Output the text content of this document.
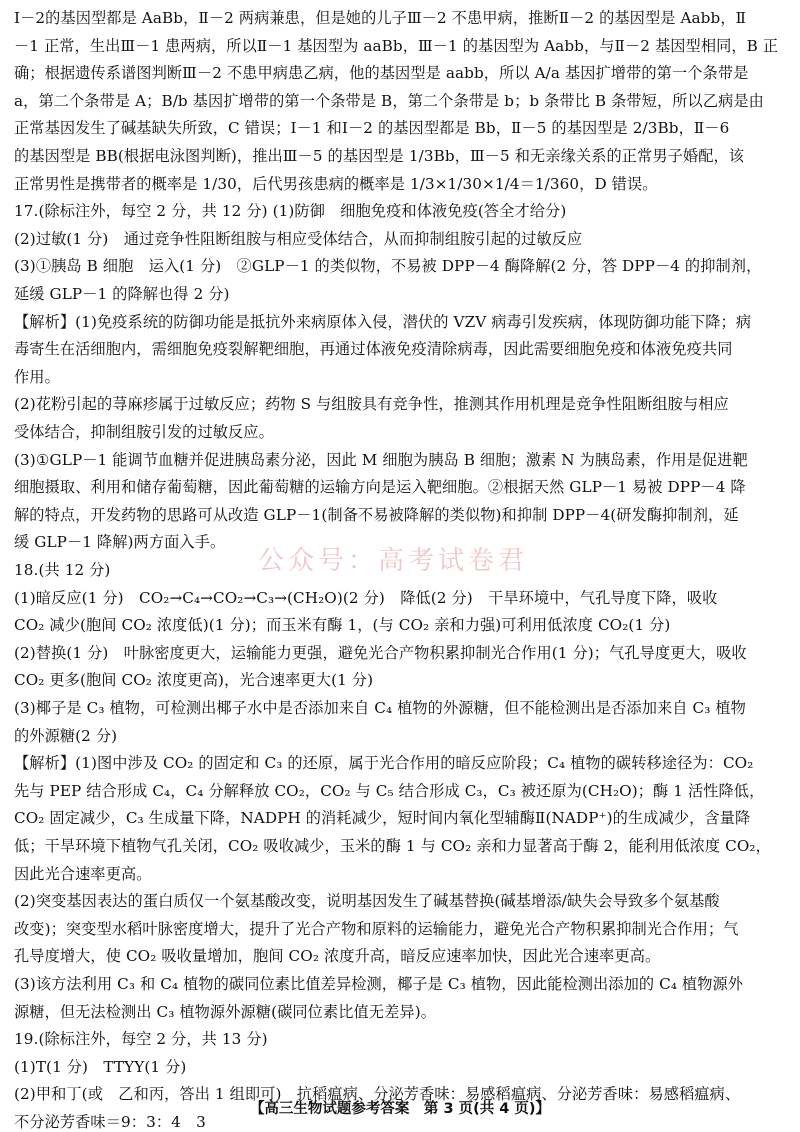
Ⅰ－2的基因型都是 AaBb，Ⅱ－2 两病兼患，但是她的儿子Ⅲ－2 不患甲病，推断Ⅱ－2 的基因型是 Aabb，Ⅱ
－1 正常，生出Ⅲ－1 患两病，所以Ⅱ－1 基因型为 aaBb，Ⅲ－1 的基因型为 Aabb，与Ⅱ－2 基因型相同，B 正
确；根据遗传系谱图判断Ⅲ－2 不患甲病患乙病，他的基因型是 aabb，所以 A/a 基因扩增带的第一个条带是
a，第二个条带是 A；B/b 基因扩增带的第一个条带是 B，第二个条带是 b；b 条带比 B 条带短，所以乙病是由
正常基因发生了碱基缺失所致，C 错误；Ⅰ－1 和Ⅰ－2 的基因型都是 Bb，Ⅱ－5 的基因型是 2/3Bb，Ⅱ－6
的基因型是 BB(根据电泳图判断)，推出Ⅲ－5 的基因型是 1/3Bb，Ⅲ－5 和无亲缘关系的正常男子婚配，该
正常男性是携带者的概率是 1/30，后代男孩患病的概率是 1/3×1/30×1/4＝1/360，D 错误。
17.(除标注外，每空 2 分，共 12 分) (1)防御　细胞免疫和体液免疫(答全才给分)
(2)过敏(1 分)　通过竞争性阻断组胺与相应受体结合，从而抑制组胺引起的过敏反应
(3)①胰岛 B 细胞　运入(1 分)　②GLP－1 的类似物，不易被 DPP－4 酶降解(2 分，答 DPP－4 的抑制剂，
延缓 GLP－1 的降解也得 2 分)
【解析】(1)免疫系统的防御功能是抵抗外来病原体入侵，潜伏的 VZV 病毒引发疾病，体现防御功能下降；病
毒寄生在活细胞内，需细胞免疫裂解靶细胞，再通过体液免疫清除病毒，因此需要细胞免疫和体液免疫共同
作用。
(2)花粉引起的荨麻疹属于过敏反应；药物 S 与组胺具有竞争性，推测其作用机理是竞争性阻断组胺与相应
受体结合，抑制组胺引发的过敏反应。
(3)①GLP－1 能调节血糖并促进胰岛素分泌，因此 M 细胞为胰岛 B 细胞；激素 N 为胰岛素，作用是促进靶
细胞摄取、利用和储存葡萄糖，因此葡萄糖的运输方向是运入靶细胞。②根据天然 GLP－1 易被 DPP－4 降
解的特点，开发药物的思路可从改造 GLP－1(制备不易被降解的类似物)和抑制 DPP－4(研发酶抑制剂，延
缓 GLP－1 降解)两方面入手。
18.(共 12 分)
(1)暗反应(1 分)　CO₂→C₄→CO₂→C₃→(CH₂O)(2 分)　降低(2 分)　干旱环境中，气孔导度下降，吸收
CO₂ 减少(胞间 CO₂ 浓度低)(1 分)；而玉米有酶 1，(与 CO₂ 亲和力强)可利用低浓度 CO₂(1 分)
(2)替换(1 分)　叶脉密度更大，运输能力更强，避免光合产物积累抑制光合作用(1 分)；气孔导度更大，吸收
CO₂ 更多(胞间 CO₂ 浓度更高)，光合速率更大(1 分)
(3)椰子是 C₃ 植物，可检测出椰子水中是否添加来自 C₄ 植物的外源糖，但不能检测出是否添加来自 C₃ 植物
的外源糖(2 分)
【解析】(1)图中涉及 CO₂ 的固定和 C₃ 的还原，属于光合作用的暗反应阶段；C₄ 植物的碳转移途径为：CO₂
先与 PEP 结合形成 C₄，C₄ 分解释放 CO₂，CO₂ 与 C₅ 结合形成 C₃，C₃ 被还原为(CH₂O)；酶 1 活性降低，
CO₂ 固定减少，C₃ 生成量下降，NADPH 的消耗减少，短时间内氧化型辅酶Ⅱ(NADP⁺)的生成减少，含量降
低；干旱环境下植物气孔关闭，CO₂ 吸收减少，玉米的酶 1 与 CO₂ 亲和力显著高于酶 2，能利用低浓度 CO₂，
因此光合速率更高。
(2)突变基因表达的蛋白质仅一个氨基酸改变，说明基因发生了碱基替换(碱基增添/缺失会导致多个氨基酸
改变)；突变型水稻叶脉密度增大，提升了光合产物和原料的运输能力，避免光合产物积累抑制光合作用；气
孔导度增大，使 CO₂ 吸收量增加，胞间 CO₂ 浓度升高，暗反应速率加快，因此光合速率更高。
(3)该方法利用 C₃ 和 C₄ 植物的碳同位素比值差异检测，椰子是 C₃ 植物，因此能检测出添加的 C₄ 植物源外
源糖，但无法检测出 C₃ 植物源外源糖(碳同位素比值无差异)。
19.(除标注外，每空 2 分，共 13 分)
(1)T(1 分)　TTYY(1 分)
(2)甲和丁(或　乙和丙，答出 1 组即可)　抗稻瘟病、分泌芳香味：易感稻瘟病、分泌芳香味：易感稻瘟病、
不分泌芳香味＝9：3：4　3
公众号：高考试卷君
【高三生物试题参考答案　第 3 页(共 4 页)】
